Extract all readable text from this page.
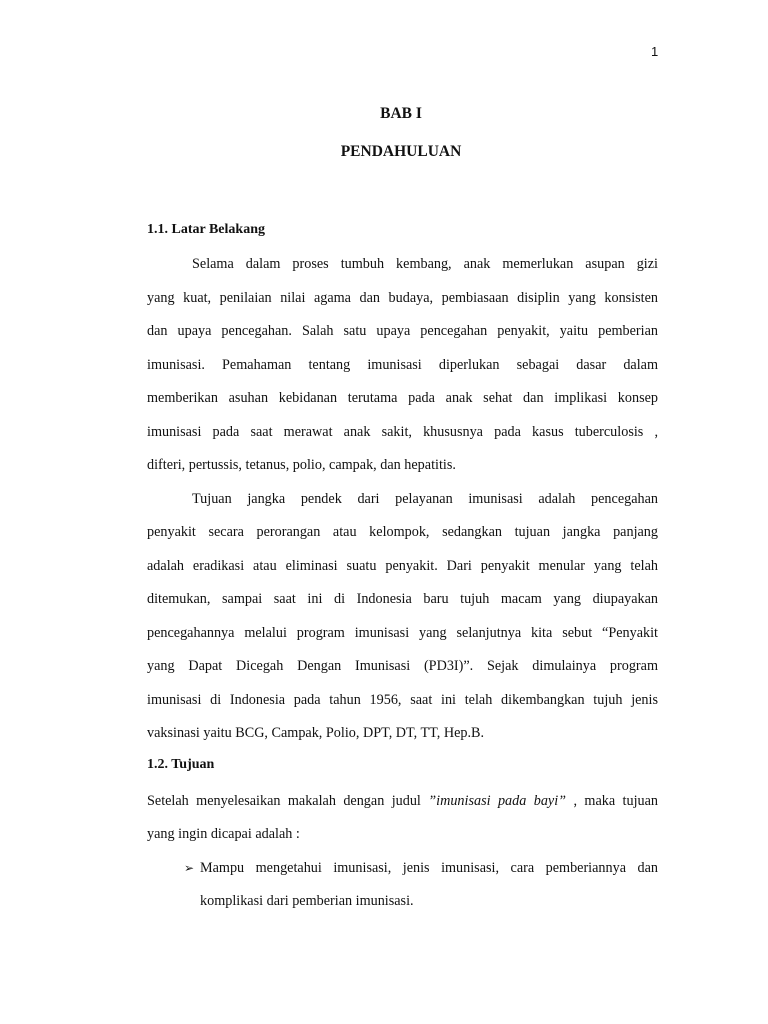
1
BAB I
PENDAHULUAN
1.1. Latar Belakang
Selama dalam proses tumbuh kembang, anak memerlukan asupan gizi
yang kuat, penilaian nilai agama dan budaya, pembiasaan disiplin yang konsisten
dan upaya pencegahan. Salah satu upaya pencegahan penyakit, yaitu pemberian
imunisasi. Pemahaman tentang imunisasi diperlukan sebagai dasar dalam
memberikan asuhan kebidanan terutama pada anak sehat dan implikasi konsep
imunisasi pada saat merawat anak sakit, khususnya pada kasus tuberculosis ,
difteri, pertussis, tetanus, polio, campak, dan hepatitis.
Tujuan jangka pendek dari pelayanan imunisasi adalah pencegahan
penyakit secara perorangan atau kelompok, sedangkan tujuan jangka panjang
adalah eradikasi atau eliminasi suatu penyakit. Dari penyakit menular yang telah
ditemukan, sampai saat ini di Indonesia baru tujuh macam yang diupayakan
pencegahannya melalui program imunisasi yang selanjutnya kita sebut “Penyakit
yang Dapat Dicegah Dengan Imunisasi (PD3I)”. Sejak dimulainya program
imunisasi di Indonesia pada tahun 1956, saat ini telah dikembangkan tujuh jenis
vaksinasi yaitu BCG, Campak, Polio, DPT, DT, TT, Hep.B.
1.2. Tujuan
Setelah menyelesaikan makalah dengan judul ”imunisasi pada bayi” , maka tujuan
yang ingin dicapai adalah :
➢ Mampu mengetahui imunisasi, jenis imunisasi, cara pemberiannya dan
komplikasi dari pemberian imunisasi.
